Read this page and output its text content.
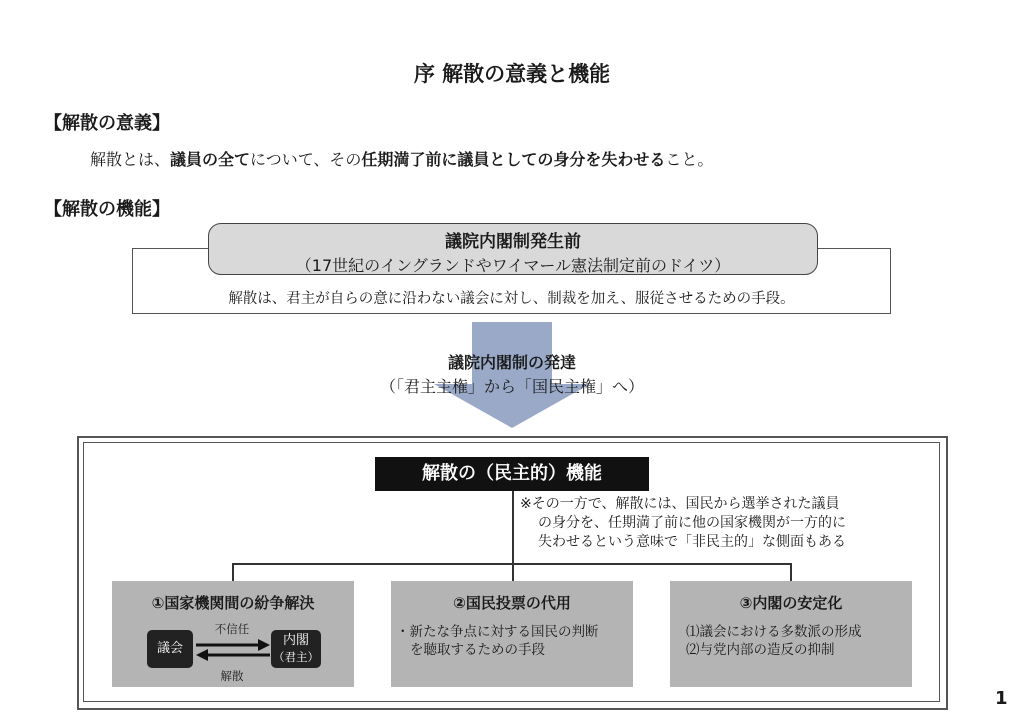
序 解散の意義と機能
【解散の意義】
解散とは、議員の全てについて、その任期満了前に議員としての身分を失わせること。
【解散の機能】
解散は、君主が自らの意に沿わない議会に対し、制裁を加え、服従させるための手段。
議院内閣制発生前
（17世紀のイングランドやワイマール憲法制定前のドイツ）
議院内閣制の発達
（「君主主権」から「国民主権」へ）
解散の（民主的）機能
※その一方で、解散には、国民から選挙された議員
の身分を、任期満了前に他の国家機関が一方的に
失わせるという意味で「非民主的」な側面もある
①国家機関間の紛争解決
議会
内閣
（君主）
不信任
解散
②国民投票の代用
・新たな争点に対する国民の判断
を聴取するための手段
③内閣の安定化
⑴議会における多数派の形成
⑵与党内部の造反の抑制
1
